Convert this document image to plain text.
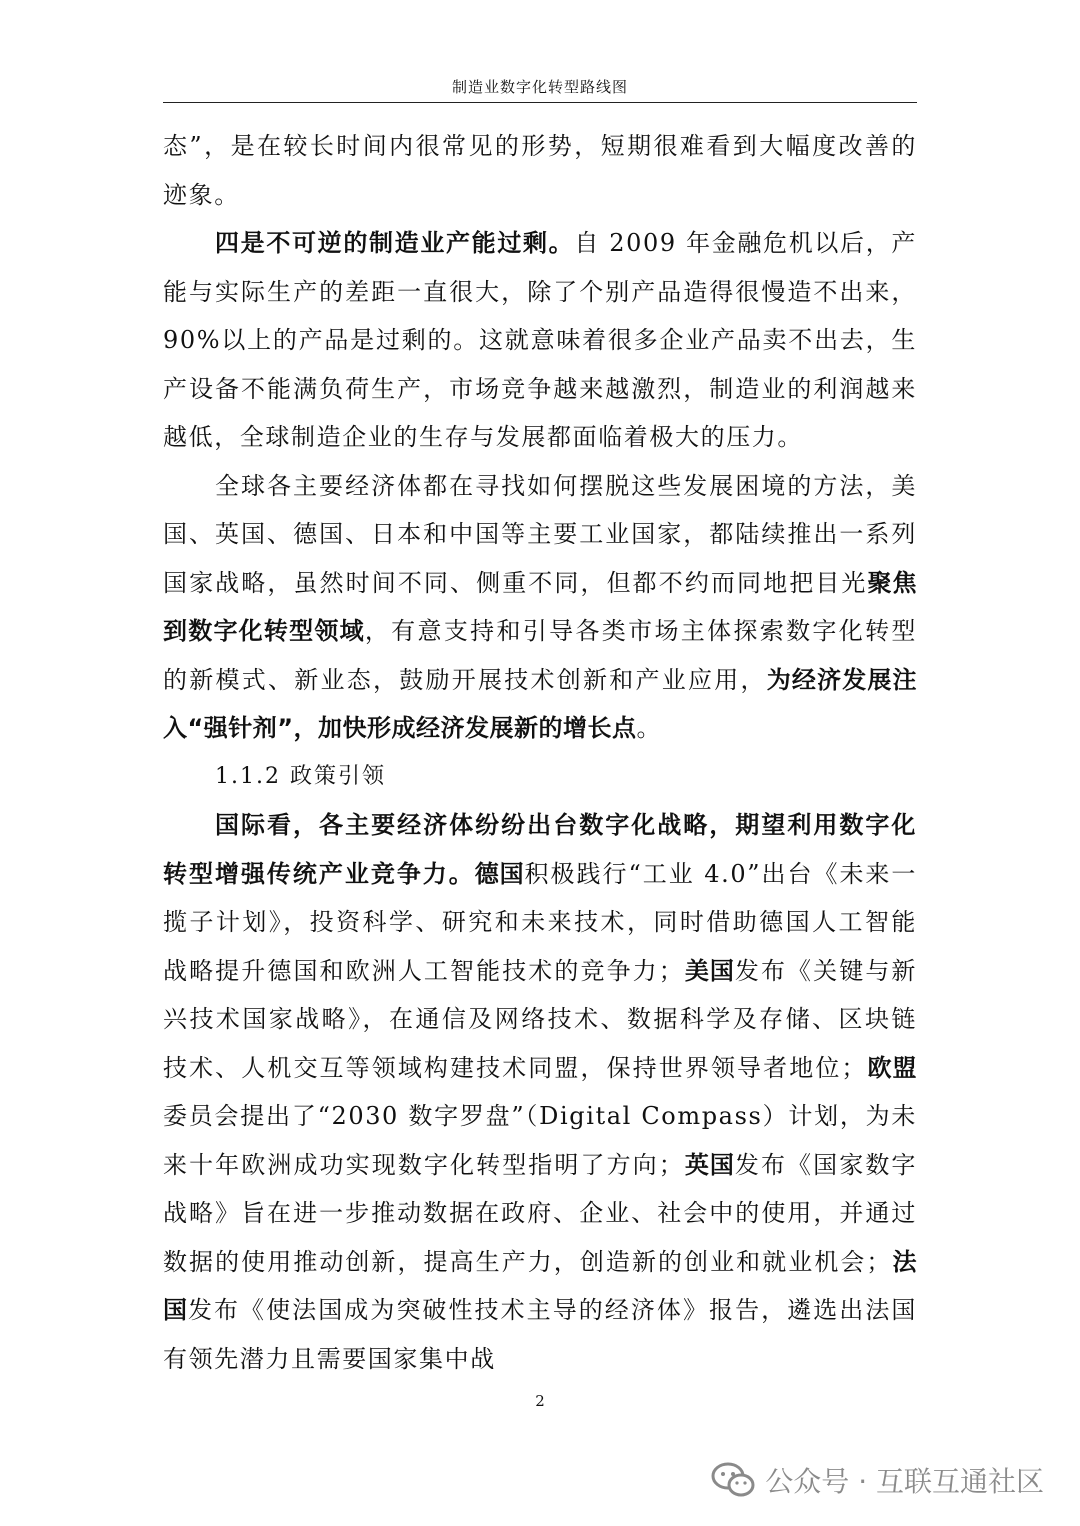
制造业数字化转型路线图

态”，是在较长时间内很常见的形势，短期很难看到大幅度改善的迹象。

四是不可逆的制造业产能过剩。自 2009 年金融危机以后，产能与实际生产的差距一直很大，除了个别产品造得很慢造不出来，90%以上的产品是过剩的。这就意味着很多企业产品卖不出去，生产设备不能满负荷生产，市场竞争越来越激烈，制造业的利润越来越低，全球制造企业的生存与发展都面临着极大的压力。

全球各主要经济体都在寻找如何摆脱这些发展困境的方法，美国、英国、德国、日本和中国等主要工业国家，都陆续推出一系列国家战略，虽然时间不同、侧重不同，但都不约而同地把目光聚焦到数字化转型领域，有意支持和引导各类市场主体探索数字化转型的新模式、新业态，鼓励开展技术创新和产业应用，为经济发展注入“强针剂”，加快形成经济发展新的增长点。

1.1.2 政策引领

国际看，各主要经济体纷纷出台数字化战略，期望利用数字化转型增强传统产业竞争力。德国积极践行“工业 4.0”出台《未来一揽子计划》，投资科学、研究和未来技术，同时借助德国人工智能战略提升德国和欧洲人工智能技术的竞争力；美国发布《关键与新兴技术国家战略》，在通信及网络技术、数据科学及存储、区块链技术、人机交互等领域构建技术同盟，保持世界领导者地位；欧盟委员会提出了“2030 数字罗盘”（Digital Compass）计划，为未来十年欧洲成功实现数字化转型指明了方向；英国发布《国家数字战略》旨在进一步推动数据在政府、企业、社会中的使用，并通过数据的使用推动创新，提高生产力，创造新的创业和就业机会；法国发布《使法国成为突破性技术主导的经济体》报告，遴选出法国有领先潜力且需要国家集中战

2
公众号 · 互联互通社区
